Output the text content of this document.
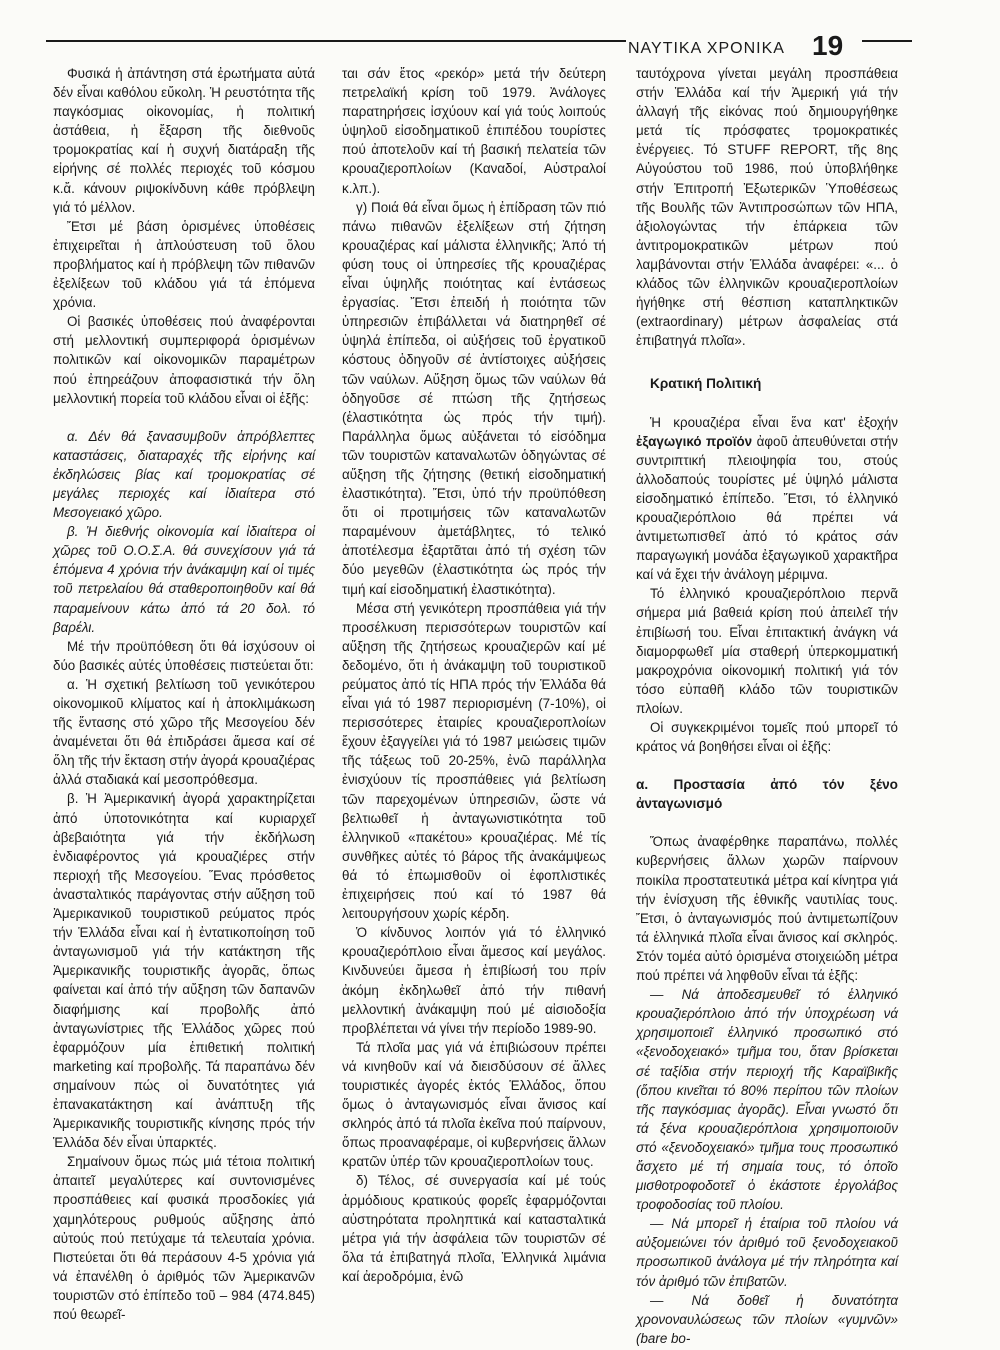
ΝΑΥΤΙΚΑ ΧΡΟΝΙΚΑ 19

Φυσικά ἡ ἀπάντηση στά ἐρωτήματα αὐτά δέν εἶναι καθόλου εὔκολη. Ἡ ρευστότητα τῆς παγκόσμιας οἰκονομίας, ἡ πολιτική ἀστάθεια, ἡ ἔξαρση τῆς διεθνοῦς τρομοκρατίας καί ἡ συχνή διατάραξη τῆς εἰρήνης σέ πολλές περιοχές τοῦ κόσμου κ.ἄ. κάνουν ριψοκίνδυνη κάθε πρόβλεψη γιά τό μέλλον.

Ἔτσι μέ βάση ὁρισμένες ὑποθέσεις ἐπιχειρεῖται ἡ ἀπλούστευση τοῦ ὅλου προβλήματος καί ἡ πρόβλεψη τῶν πιθανῶν ἐξελίξεων τοῦ κλάδου γιά τά ἑπόμενα χρόνια.

Οἱ βασικές ὑποθέσεις πού ἀναφέρονται στή μελλοντική συμπεριφορά ὁρισμένων πολιτικῶν καί οἰκονομικῶν παραμέτρων πού ἐπηρεάζουν ἀποφασιστικά τήν ὅλη μελλοντική πορεία τοῦ κλάδου εἶναι οἱ ἑξῆς:

α. Δέν θά ξανασυμβοῦν ἀπρόβλεπτες καταστάσεις, διαταραχές τῆς εἰρήνης καί ἐκδηλώσεις βίας καί τρομοκρατίας σέ μεγάλες περιοχές καί ἰδιαίτερα στό Μεσογειακό χῶρο.

β. Ἡ διεθνής οἰκονομία καί ἰδιαίτερα οἱ χῶρες τοῦ Ο.Ο.Σ.Α. θά συνεχίσουν γιά τά ἑπόμενα 4 χρόνια τήν ἀνάκαμψη καί οἱ τιμές τοῦ πετρελαίου θά σταθεροποιηθοῦν καί θά παραμείνουν κάτω ἀπό τά 20 δολ. τό βαρέλι.

Μέ τήν προϋπόθεση ὅτι θά ἰσχύσουν οἱ δύο βασικές αὐτές ὑποθέσεις πιστεύεται ὅτι:

α. Ἡ σχετική βελτίωση τοῦ γενικότερου οἰκονομικοῦ κλίματος καί ἡ ἀποκλιμάκωση τῆς ἔντασης στό χῶρο τῆς Μεσογείου δέν ἀναμένεται ὅτι θά ἐπιδράσει ἄμεσα καί σέ ὅλη τῆς τήν ἔκταση στήν ἀγορά κρουαζιέρας ἀλλά σταδιακά καί μεσοπρόθεσμα.

β. Ἡ Ἀμερικανική ἀγορά χαρακτηρίζεται ἀπό ὑποτονικότητα καί κυριαρχεῖ ἀβεβαιότητα γιά τήν ἐκδήλωση ἐνδιαφέροντος γιά κρουαζιέρες στήν περιοχή τῆς Μεσογείου. Ἕνας πρόσθετος ἀνασταλτικός παράγοντας στήν αὔξηση τοῦ Ἀμερικανικοῦ τουριστικοῦ ρεύματος πρός τήν Ἑλλάδα εἶναι καί ἡ ἐντατικοποίηση τοῦ ἀνταγωνισμοῦ γιά τήν κατάκτηση τῆς Ἀμερικανικῆς τουριστικῆς ἀγορᾶς, ὅπως φαίνεται καί ἀπό τήν αὔξηση τῶν δαπανῶν διαφήμισης καί προβολῆς ἀπό ἀνταγωνίστριες τῆς Ἑλλάδος χῶρες πού ἐφαρμόζουν μία ἐπιθετική πολιτική marketing καί προβολῆς. Τά παραπάνω δέν σημαίνουν πώς οἱ δυνατότητες γιά ἐπανακατάκτηση καί ἀνάπτυξη τῆς Ἀμερικανικῆς τουριστικῆς κίνησης πρός τήν Ἑλλάδα δέν εἶναι ὑπαρκτές.

Σημαίνουν ὅμως πώς μιά τέτοια πολιτική ἀπαιτεῖ μεγαλύτερες καί συντονισμένες προσπάθειες καί φυσικά προσδοκίες γιά χαμηλότερους ρυθμούς αὔξησης ἀπό αὐτούς πού πετύχαμε τά τελευταία χρόνια. Πιστεύεται ὅτι θά περάσουν 4-5 χρόνια γιά νά ἐπανέλθη ὁ ἀριθμός τῶν Ἀμερικανῶν τουριστῶν στό ἐπίπεδο τοῦ – 984 (474.845) πού θεωρεῖ-

ται σάν ἔτος «ρεκόρ» μετά τήν δεύτερη πετρελαϊκή κρίση τοῦ 1979. Ἀνάλογες παρατηρήσεις ἰσχύουν καί γιά τούς λοιπούς ὑψηλοῦ εἰσοδηματικοῦ ἐπιπέδου τουρίστες πού ἀποτελοῦν καί τή βασική πελατεία τῶν κρουαζιεροπλοίων (Καναδοί, Αὐστραλοί κ.λπ.).

γ) Ποιά θά εἶναι ὅμως ἡ ἐπίδραση τῶν πιό πάνω πιθανῶν ἐξελίξεων στή ζήτηση κρουαζιέρας καί μάλιστα ἑλληνικῆς; Ἀπό τή φύση τους οἱ ὑπηρεσίες τῆς κρουαζιέρας εἶναι ὑψηλῆς ποιότητας καί ἐντάσεως ἐργασίας. Ἔτσι ἐπειδή ἡ ποιότητα τῶν ὑπηρεσιῶν ἐπιβάλλεται νά διατηρηθεῖ σέ ὑψηλά ἐπίπεδα, οἱ αὐξήσεις τοῦ ἐργατικοῦ κόστους ὁδηγοῦν σέ ἀντίστοιχες αὐξήσεις τῶν ναύλων. Αὔξηση ὅμως τῶν ναύλων θά ὁδηγοῦσε σέ πτώση τῆς ζητήσεως (ἐλαστικότητα ὡς πρός τήν τιμή). Παράλληλα ὅμως αὐξάνεται τό εἰσόδημα τῶν τουριστῶν καταναλωτῶν ὁδηγώντας σέ αὔξηση τῆς ζήτησης (θετική εἰσοδηματική ἐλαστικότητα). Ἔτσι, ὑπό τήν προϋπόθεση ὅτι οἱ προτιμήσεις τῶν καταναλωτῶν παραμένουν ἀμετάβλητες, τό τελικό ἀποτέλεσμα ἐξαρτᾶται ἀπό τή σχέση τῶν δύο μεγεθῶν (ἐλαστικότητα ὡς πρός τήν τιμή καί εἰσοδηματική ἐλαστικότητα).

Μέσα στή γενικότερη προσπάθεια γιά τήν προσέλκυση περισσότερων τουριστῶν καί αὔξηση τῆς ζητήσεως κρουαζιερῶν καί μέ δεδομένο, ὅτι ἡ ἀνάκαμψη τοῦ τουριστικοῦ ρεύματος ἀπό τίς ΗΠΑ πρός τήν Ἑλλάδα θά εἶναι γιά τό 1987 περιορισμένη (7-10%), οἱ περισσότερες ἑταιρίες κρουαζιεροπλοίων ἔχουν ἐξαγγείλει γιά τό 1987 μειώσεις τιμῶν τῆς τάξεως τοῦ 20-25%, ἐνῶ παράλληλα ἐνισχύουν τίς προσπάθειες γιά βελτίωση τῶν παρεχομένων ὑπηρεσιῶν, ὥστε νά βελτιωθεῖ ἡ ἀνταγωνιστικότητα τοῦ ἑλληνικοῦ «πακέτου» κρουαζιέρας. Μέ τίς συνθῆκες αὐτές τό βάρος τῆς ἀνακάμψεως θά τό ἐπωμισθοῦν οἱ ἐφοπλιστικές ἐπιχειρήσεις πού καί τό 1987 θά λειτουργήσουν χωρίς κέρδη.

Ὁ κίνδυνος λοιπόν γιά τό ἑλληνικό κρουαζιερόπλοιο εἶναι ἄμεσος καί μεγάλος. Κινδυνεύει ἄμεσα ἡ ἐπιβίωσή του πρίν ἀκόμη ἐκδηλωθεῖ ἀπό τήν πιθανή μελλοντική ἀνάκαμψη πού μέ αἰσιοδοξία προβλέπεται νά γίνει τήν περίοδο 1989-90.

Τά πλοῖα μας γιά νά ἐπιβιώσουν πρέπει νά κινηθοῦν καί νά διεισδύσουν σέ ἄλλες τουριστικές ἀγορές ἐκτός Ἑλλάδος, ὅπου ὅμως ὁ ἀνταγωνισμός εἶναι ἄνισος καί σκληρός ἀπό τά πλοῖα ἐκεῖνα πού παίρνουν, ὅπως προαναφέραμε, οἱ κυβερνήσεις ἄλλων κρατῶν ὑπέρ τῶν κρουαζιεροπλοίων τους.

δ) Τέλος, σέ συνεργασία καί μέ τούς ἁρμόδιους κρατικούς φορεῖς ἐφαρμόζονται αὐστηρότατα προληπτικά καί κατασταλτικά μέτρα γιά τήν ἀσφάλεια τῶν τουριστῶν σέ ὅλα τά ἐπιβατηγά πλοῖα, Ἑλληνικά λιμάνια καί ἀεροδρόμια, ἐνῶ

ταυτόχρονα γίνεται μεγάλη προσπάθεια στήν Ἑλλάδα καί τήν Ἀμερική γιά τήν ἀλλαγή τῆς εἰκόνας πού δημιουργήθηκε μετά τίς πρόσφατες τρομοκρατικές ἐνέργειες. Τό STUFF REPORT, τῆς 8ης Αὐγούστου τοῦ 1986, πού ὑποβλήθηκε στήν Ἐπιτροπή Ἐξωτερικῶν Ὑποθέσεως τῆς Βουλῆς τῶν Ἀντιπροσώπων τῶν ΗΠΑ, ἀξιολογώντας τήν ἐπάρκεια τῶν ἀντιτρομοκρατικῶν μέτρων πού λαμβάνονται στήν Ἑλλάδα ἀναφέρει: «... ὁ κλάδος τῶν ἑλληνικῶν κρουαζιεροπλοίων ἡγήθηκε στή θέσπιση καταπληκτικῶν (extraordinary) μέτρων ἀσφαλείας στά ἐπιβατηγά πλοῖα».

Κρατική Πολιτική

Ἡ κρουαζιέρα εἶναι ἕνα κατ' ἐξοχήν ἐξαγωγικό προϊόν ἀφοῦ ἀπευθύνεται στήν συντριπτική πλειοψηφία του, στούς ἀλλοδαπούς τουρίστες μέ ὑψηλό μάλιστα εἰσοδηματικό ἐπίπεδο. Ἔτσι, τό ἑλληνικό κρουαζιερόπλοιο θά πρέπει νά ἀντιμετωπισθεῖ ἀπό τό κράτος σάν παραγωγική μονάδα ἐξαγωγικοῦ χαρακτῆρα καί νά ἔχει τήν ἀνάλογη μέριμνα.

Τό ἑλληνικό κρουαζιερόπλοιο περνᾶ σήμερα μιά βαθειά κρίση πού ἀπειλεῖ τήν ἐπιβίωσή του. Εἶναι ἐπιτακτική ἀνάγκη νά διαμορφωθεῖ μία σταθερή ὑπερκομματική μακροχρόνια οἰκονομική πολιτική γιά τόν τόσο εὐπαθῆ κλάδο τῶν τουριστικῶν πλοίων.

Οἱ συγκεκριμένοι τομεῖς πού μπορεῖ τό κράτος νά βοηθήσει εἶναι οἱ ἑξῆς:

α. Προστασία ἀπό τόν ξένο ἀνταγωνισμό

Ὅπως ἀναφέρθηκε παραπάνω, πολλές κυβερνήσεις ἄλλων χωρῶν παίρνουν ποικίλα προστατευτικά μέτρα καί κίνητρα γιά τήν ἐνίσχυση τῆς ἐθνικῆς ναυτιλίας τους. Ἔτσι, ὁ ἀνταγωνισμός πού ἀντιμετωπίζουν τά ἑλληνικά πλοῖα εἶναι ἄνισος καί σκληρός. Στόν τομέα αὐτό ὁρισμένα στοιχειώδη μέτρα πού πρέπει νά ληφθοῦν εἶναι τά ἑξῆς:

— Νά ἀποδεσμευθεῖ τό ἑλληνικό κρουαζιερόπλοιο ἀπό τήν ὑποχρέωση νά χρησιμοποιεῖ ἑλληνικό προσωπικό στό «ξενοδοχειακό» τμῆμα του, ὅταν βρίσκεται σέ ταξίδια στήν περιοχή τῆς Καραϊβικῆς (ὅπου κινεῖται τό 80% περίπου τῶν πλοίων τῆς παγκόσμιας ἀγορᾶς). Εἶναι γνωστό ὅτι τά ξένα κρουαζιερόπλοια χρησιμοποιοῦν στό «ξενοδοχειακό» τμῆμα τους προσωπικό ἄσχετο μέ τή σημαία τους, τό ὁποῖο μισθοτροφοδοτεῖ ὁ ἑκάστοτε ἐργολάβος τροφοδοσίας τοῦ πλοίου.

— Νά μπορεῖ ἡ ἑταίρια τοῦ πλοίου νά αὐξομειώνει τόν ἀριθμό τοῦ ξενοδοχειακοῦ προσωπικοῦ ἀνάλογα μέ τήν πληρότητα καί τόν ἀριθμό τῶν ἐπιβατῶν.

— Νά δοθεῖ ἡ δυνατότητα χρονοναυλώσεως τῶν πλοίων «γυμνῶν» (bare bo-
